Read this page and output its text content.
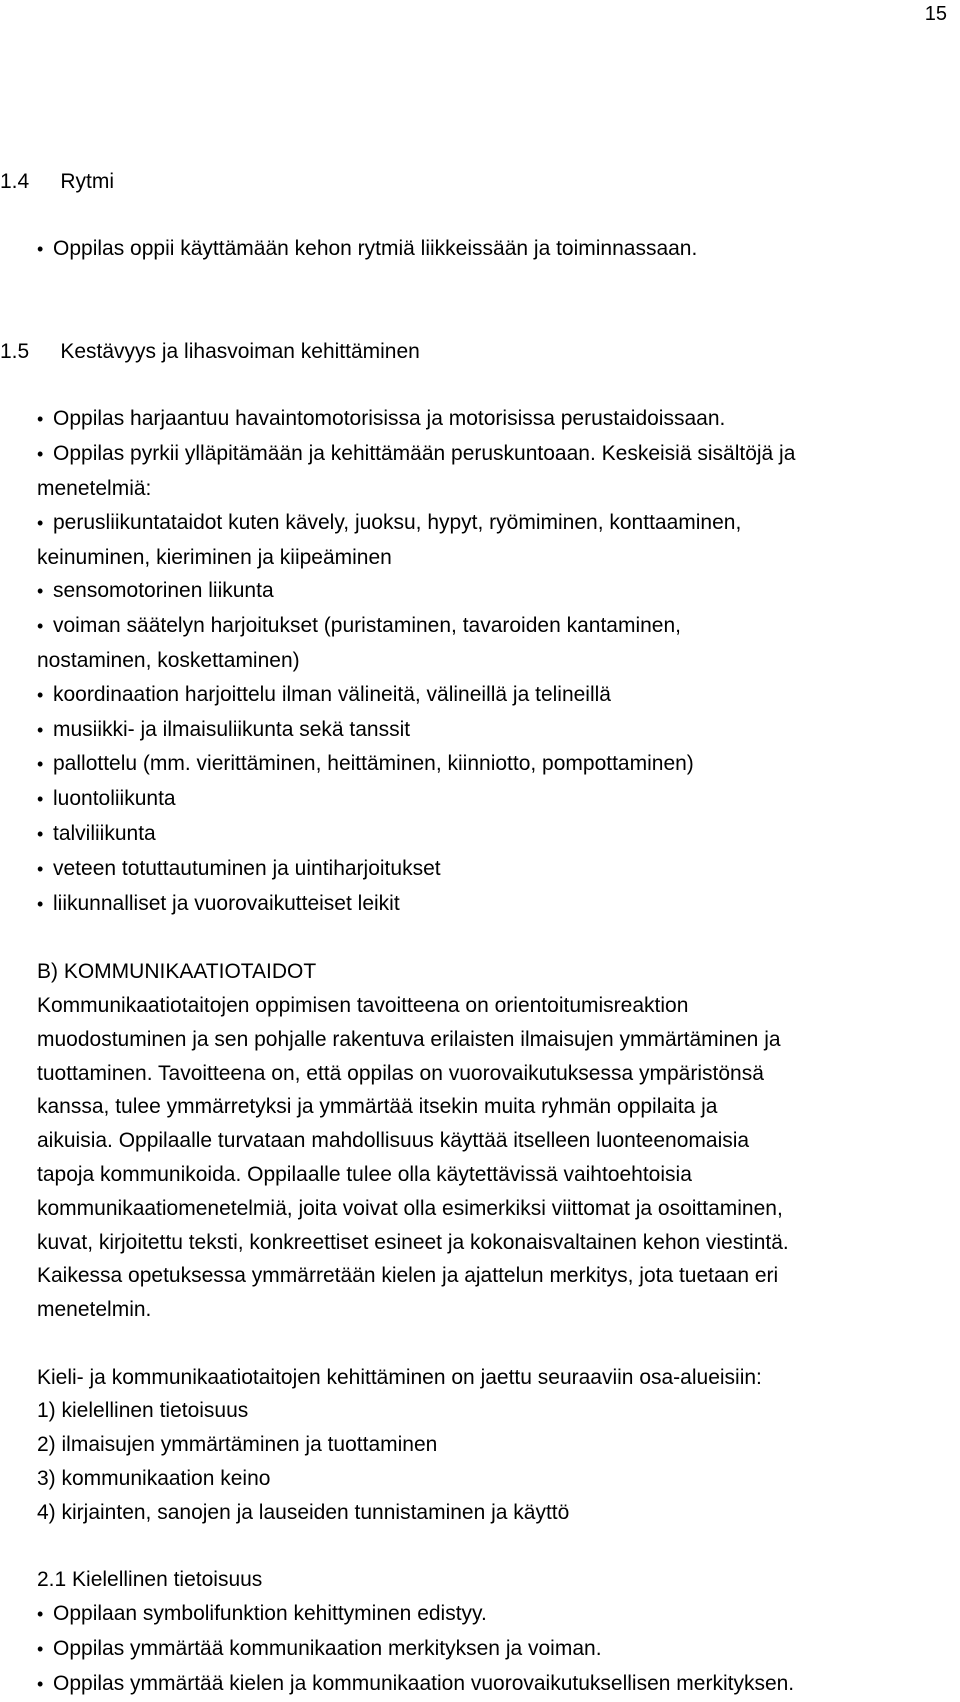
15

1.4	Rytmi

• Oppilas oppii käyttämään kehon rytmiä liikkeissään ja toiminnassaan.

1.5	Kestävyys ja lihasvoiman kehittäminen

• Oppilas harjaantuu havaintomotorisissa ja motorisissa perustaidoissaan.
• Oppilas pyrkii ylläpitämään ja kehittämään peruskuntoaan. Keskeisiä sisältöjä ja
menetelmiä:
• perusliikuntataidot kuten kävely, juoksu, hypyt, ryömiminen, konttaaminen,
keinuminen, kieriminen ja kiipeäminen
• sensomotorinen liikunta
• voiman säätelyn harjoitukset (puristaminen, tavaroiden kantaminen,
nostaminen, koskettaminen)
• koordinaation harjoittelu ilman välineitä, välineillä ja telineillä
• musiikki- ja ilmaisuliikunta sekä tanssit
• pallottelu (mm. vierittäminen, heittäminen, kiinniotto, pompottaminen)
• luontoliikunta
• talviliikunta
• veteen totuttautuminen ja uintiharjoitukset
• liikunnalliset ja vuorovaikutteiset leikit
B) KOMMUNIKAATIOTAIDOT
Kommunikaatiotaitojen oppimisen tavoitteena on orientoitumisreaktion
muodostuminen ja sen pohjalle rakentuva erilaisten ilmaisujen ymmärtäminen ja
tuottaminen. Tavoitteena on, että oppilas on vuorovaikutuksessa ympäristönsä
kanssa, tulee ymmärretyksi ja ymmärtää itsekin muita ryhmän oppilaita ja
aikuisia. Oppilaalle turvataan mahdollisuus käyttää itselleen luonteenomaisia
tapoja kommunikoida. Oppilaalle tulee olla käytettävissä vaihtoehtoisia
kommunikaatiomenetelmiä, joita voivat olla esimerkiksi viittomat ja osoittaminen,
kuvat, kirjoitettu teksti, konkreettiset esineet ja kokonaisvaltainen kehon viestintä.
Kaikessa opetuksessa ymmärretään kielen ja ajattelun merkitys, jota tuetaan eri
menetelmin.
Kieli- ja kommunikaatiotaitojen kehittäminen on jaettu seuraaviin osa-alueisiin:
1) kielellinen tietoisuus
2) ilmaisujen ymmärtäminen ja tuottaminen
3) kommunikaation keino
4) kirjainten, sanojen ja lauseiden tunnistaminen ja käyttö
2.1 Kielellinen tietoisuus
• Oppilaan symbolifunktion kehittyminen edistyy.
• Oppilas ymmärtää kommunikaation merkityksen ja voiman.
• Oppilas ymmärtää kielen ja kommunikaation vuorovaikutuksellisen merkityksen.
